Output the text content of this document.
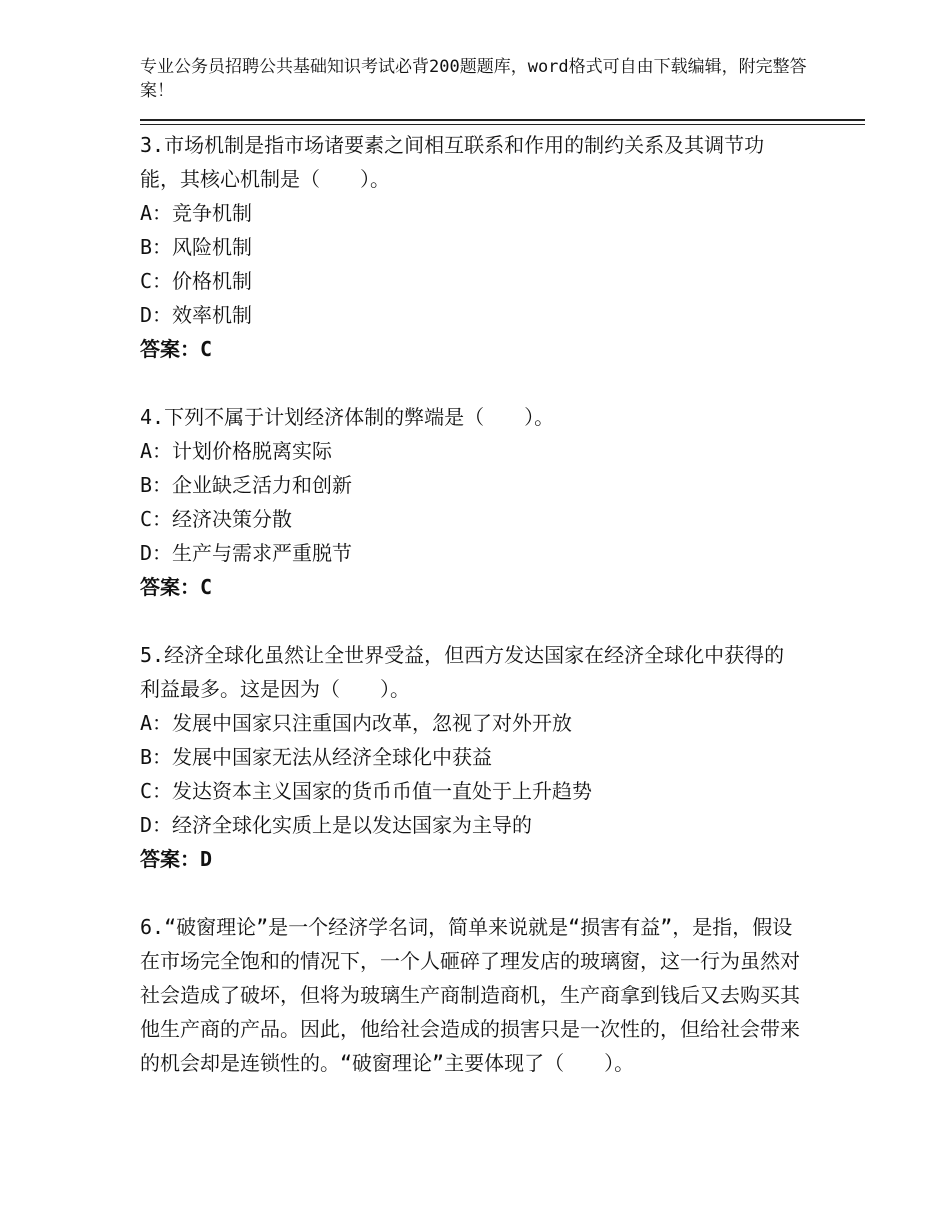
专业公务员招聘公共基础知识考试必背200题题库，word格式可自由下载编辑，附完整答案！

3.市场机制是指市场诸要素之间相互联系和作用的制约关系及其调节功能，其核心机制是（　　）。

A：竞争机制

B：风险机制

C：价格机制

D：效率机制

答案：C

4.下列不属于计划经济体制的弊端是（　　）。

A：计划价格脱离实际

B：企业缺乏活力和创新

C：经济决策分散

D：生产与需求严重脱节

答案：C

5.经济全球化虽然让全世界受益，但西方发达国家在经济全球化中获得的利益最多。这是因为（　　）。

A：发展中国家只注重国内改革，忽视了对外开放

B：发展中国家无法从经济全球化中获益

C：发达资本主义国家的货币币值一直处于上升趋势

D：经济全球化实质上是以发达国家为主导的

答案：D

6.“破窗理论”是一个经济学名词，简单来说就是“损害有益”，是指，假设在市场完全饱和的情况下，一个人砸碎了理发店的玻璃窗，这一行为虽然对社会造成了破坏，但将为玻璃生产商制造商机，生产商拿到钱后又去购买其他生产商的产品。因此，他给社会造成的损害只是一次性的，但给社会带来的机会却是连锁性的。“破窗理论”主要体现了（　　）。
